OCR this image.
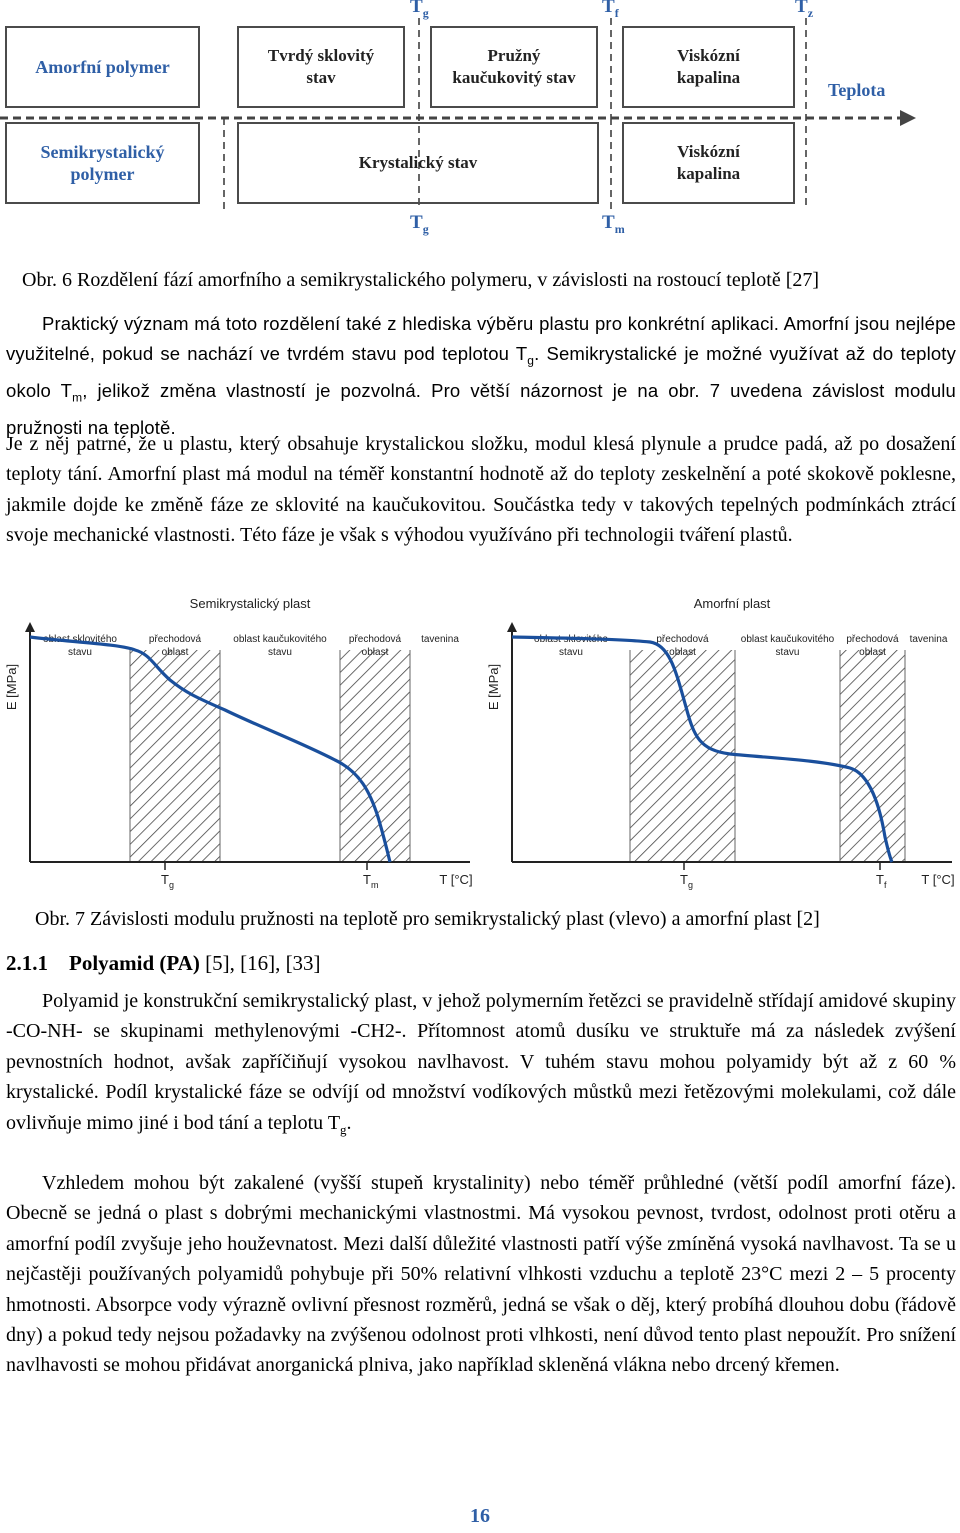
Amorfní polymer
Tvrdý sklovitý
stav
Pružný
kaučukovitý stav
Viskózní
kapalina
Semikrystalický
polymer
Krystalický stav
Viskózní
kapalina
$T_g$	$T_f$	$T_z$
$T_g$	$T_m$
Teplota
Obr. 6 Rozdělení fází amorfního a semikrystalického polymeru, v závislosti na rostoucí teplotě [27]

Praktický význam má toto rozdělení také z hlediska výběru plastu pro konkrétní aplikaci. Amorfní jsou nejlépe využitelné, pokud se nachází ve tvrdém stavu pod teplotou $T_g$. Semikrystalické je možné využívat až do teploty okolo $T_m$, jelikož změna vlastností je pozvolná. Pro větší názornost je na obr. 7 uvedena závislost modulu pružnosti na teplotě.

Je z něj patrné, že u plastu, který obsahuje krystalickou složku, modul klesá plynule a prudce padá, až po dosažení teploty tání. Amorfní plast má modul na téměř konstantní hodnotě až do teploty zeskelnění a poté skokově poklesne, jakmile dojde ke změně fáze ze sklovité na kaučukovitou. Součástka tedy v takových tepelných podmínkách ztrácí svoje mechanické vlastnosti. Této fáze je však s výhodou využíváno při technologii tváření plastů.

oblast sklovitého
stavu
přechodová
oblast
oblast kaučukovitého
stavu
přechodová
oblast
tavenina
Semikrystalický plast
E [MPa]
$T_g$	$T_m$	T [°C]
oblast sklovitého
stavu
přechodová
oblast
oblast kaučukovitého
stavu
přechodová
oblast
tavenina
Amorfní plast
E [MPa]
$T_g$	$T_f$	T [°C]
Obr. 7 Závislosti modulu pružnosti na teplotě pro semikrystalický plast (vlevo) a amorfní plast [2]
2.1.1 Polyamid (PA) [5], [16], [33]

Polyamid je konstrukční semikrystalický plast, v jehož polymerním řetězci se pravidelně střídají amidové skupiny -CO-NH- se skupinami methylenovými -CH2-. Přítomnost atomů dusíku ve struktuře má za následek zvýšení pevnostních hodnot, avšak zapříčiňují vysokou navlhavost. V tuhém stavu mohou polyamidy být až z 60 % krystalické. Podíl krystalické fáze se odvíjí od množství vodíkových můstků mezi řetězovými molekulami, což dále ovlivňuje mimo jiné i bod tání a teplotu $T_g$.

Vzhledem mohou být zakalené (vyšší stupeň krystalinity) nebo téměř průhledné (větší podíl amorfní fáze). Obecně se jedná o plast s dobrými mechanickými vlastnostmi. Má vysokou pevnost, tvrdost, odolnost proti otěru a amorfní podíl zvyšuje jeho houževnatost. Mezi další důležité vlastnosti patří výše zmíněná vysoká navlhavost. Ta se u nejčastěji používaných polyamidů pohybuje při 50% relativní vlhkosti vzduchu a teplotě 23°C mezi 2 – 5 procenty hmotnosti. Absorpce vody výrazně ovlivní přesnost rozměrů, jedná se však o děj, který probíhá dlouhou dobu (řádově dny) a pokud tedy nejsou požadavky na zvýšenou odolnost proti vlhkosti, není důvod tento plast nepoužít. Pro snížení navlhavosti se mohou přidávat anorganická plniva, jako například skleněná vlákna nebo drcený křemen.

16
